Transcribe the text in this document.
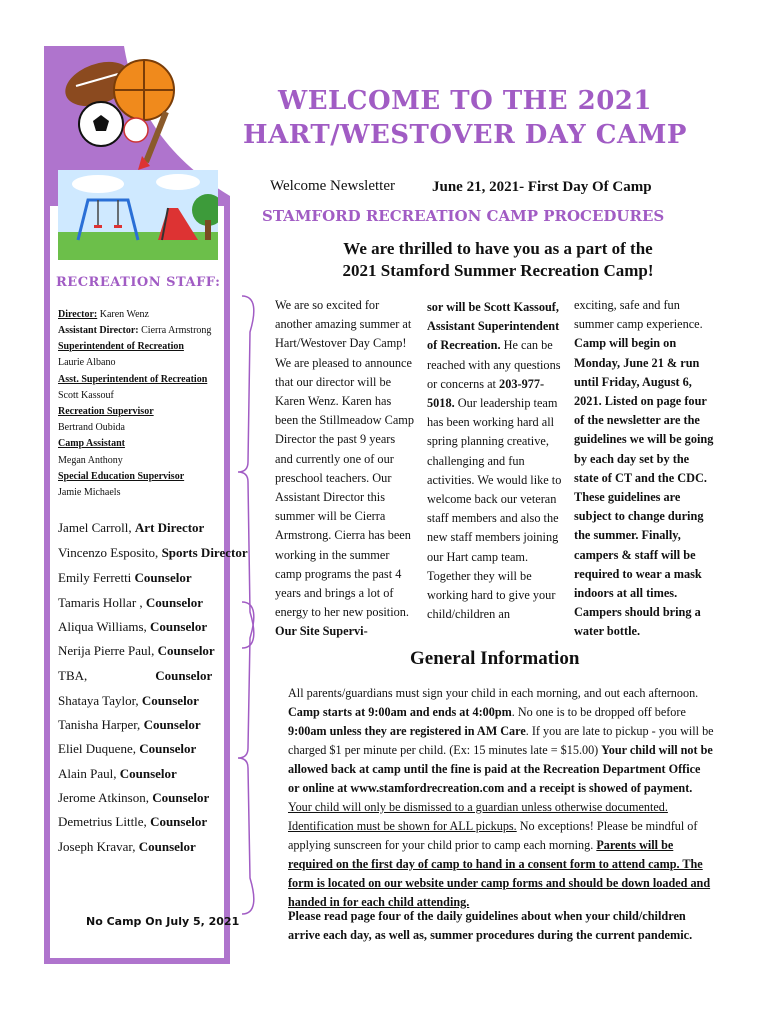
WELCOME TO THE 2021
HART/WESTOVER DAY CAMP
Welcome Newsletter June 21, 2021- First Day Of Camp
STAMFORD RECREATION CAMP PROCEDURES
We are thrilled to have you as a part of the
2021 Stamford Summer Recreation Camp!
RECREATION STAFF:
Director: Karen Wenz
Assistant Director: Cierra Armstrong
Superintendent of Recreation
Laurie Albano
Asst. Superintendent of Recreation
Scott Kassouf
Recreation Supervisor
Bertrand Oubida
Camp Assistant
Megan Anthony
Special Education Supervisor
Jamie Michaels
Jamel Carroll, Art Director
Vincenzo Esposito, Sports Director
Emily Ferretti Counselor
Tamaris Hollar , Counselor
Aliqua Williams, Counselor
Nerija Pierre Paul, Counselor
TBA,	Counselor
Shataya Taylor, Counselor
Tanisha Harper, Counselor
Eliel Duquene, Counselor
Alain Paul, Counselor
Jerome Atkinson, Counselor
Demetrius Little, Counselor
Joseph Kravar, Counselor
We are so excited for another amazing summer at Hart/Westover Day Camp! We are pleased to announce that our director will be Karen Wenz. Karen has been the Stillmeadow Camp Director the past 9 years and currently one of our preschool teachers. Our Assistant Director this summer will be Cierra Armstrong. Cierra has been working in the summer camp programs the past 4 years and brings a lot of energy to her new position. Our Site Supervi-
sor will be Scott Kassouf, Assistant Superintendent of Recreation. He can be reached with any questions or concerns at 203-977-5018. Our leadership team has been working hard all spring planning creative, challenging and fun activities. We would like to welcome back our veteran staff members and also the new staff members joining our Hart camp team. Together they will be working hard to give your child/children an
exciting, safe and fun summer camp experience. Camp will begin on Monday, June 21 & run until Friday, August 6, 2021. Listed on page four of the newsletter are the guidelines we will be going by each day set by the state of CT and the CDC. These guidelines are subject to change during the summer. Finally, campers & staff will be required to wear a mask indoors at all times. Campers should bring a water bottle.
General Information
All parents/guardians must sign your child in each morning, and out each afternoon. Camp starts at 9:00am and ends at 4:00pm. No one is to be dropped off before 9:00am unless they are registered in AM Care. If you are late to pickup - you will be charged $1 per minute per child. (Ex: 15 minutes late = $15.00) Your child will not be allowed back at camp until the fine is paid at the Recreation Department Office or online at www.stamfordrecreation.com and a receipt is showed of payment. Your child will only be dismissed to a guardian unless otherwise documented. Identification must be shown for ALL pickups. No exceptions! Please be mindful of applying sunscreen for your child prior to camp each morning. Parents will be required on the first day of camp to hand in a consent form to attend camp. The form is located on our website under camp forms and should be down loaded and handed in for each child attending.
Please read page four of the daily guidelines about when your child/children arrive each day, as well as, summer procedures during the current pandemic.
No Camp On July 5, 2021
